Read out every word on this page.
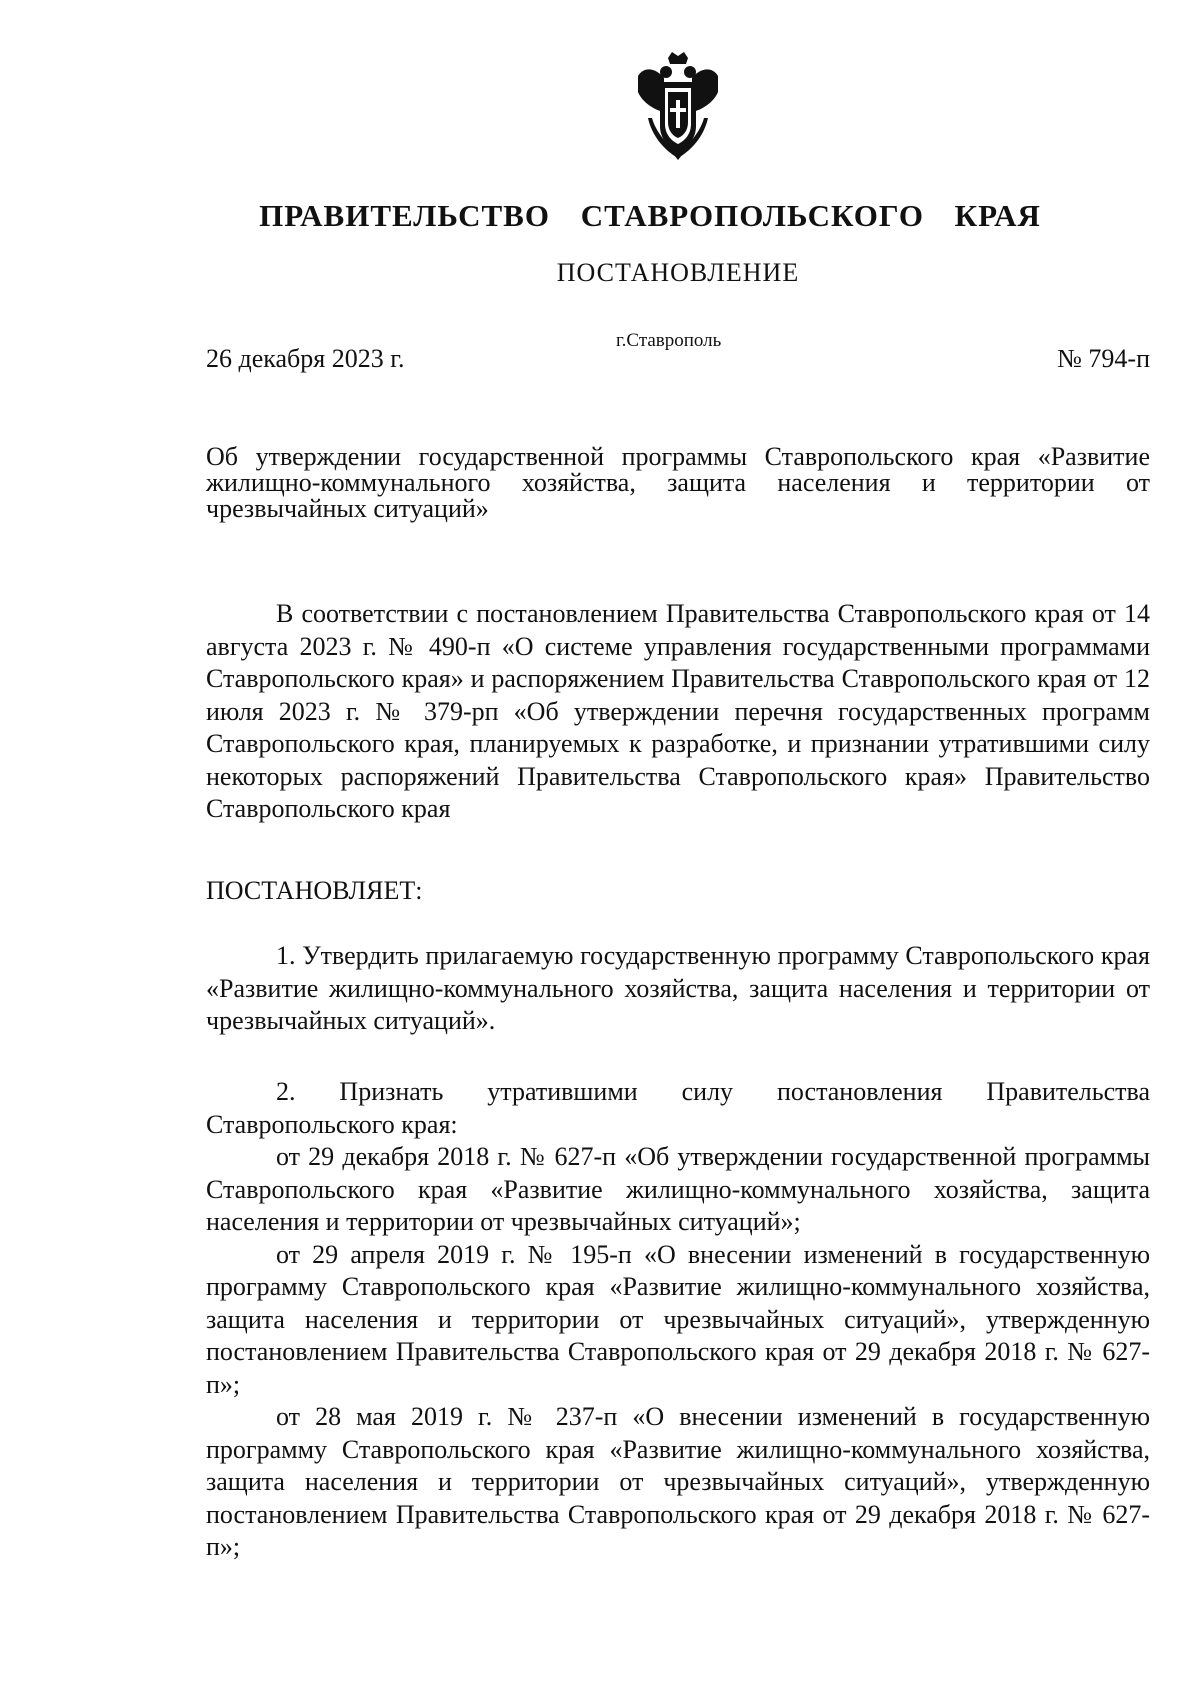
ПРАВИТЕЛЬСТВО СТАВРОПОЛЬСКОГО КРАЯ
ПОСТАНОВЛЕНИЕ
26 декабря 2023 г.
г.Ставрополь
№ 794-п
Об утверждении государственной программы Ставропольского края «Развитие жилищно-коммунального хозяйства, защита населения и территории от чрезвычайных ситуаций»

В соответствии с постановлением Правительства Ставропольского края от 14 августа 2023 г. № 490-п «О системе управления государственными программами Ставропольского края» и распоряжением Правительства Ставропольского края от 12 июля 2023 г. № 379-рп «Об утверждении перечня государственных программ Ставропольского края, планируемых к разработке, и признании утратившими силу некоторых распоряжений Правительства Ставропольского края» Правительство Ставропольского края

ПОСТАНОВЛЯЕТ:

1. Утвердить прилагаемую государственную программу Ставропольского края «Развитие жилищно-коммунального хозяйства, защита населения и территории от чрезвычайных ситуаций».

2. Признать утратившими силу постановления Правительства Ставропольского края:

от 29 декабря 2018 г. № 627-п «Об утверждении государственной программы Ставропольского края «Развитие жилищно-коммунального хозяйства, защита населения и территории от чрезвычайных ситуаций»;

от 29 апреля 2019 г. № 195-п «О внесении изменений в государственную программу Ставропольского края «Развитие жилищно-коммунального хозяйства, защита населения и территории от чрезвычайных ситуаций», утвержденную постановлением Правительства Ставропольского края от 29 декабря 2018 г. № 627-п»;

от 28 мая 2019 г. № 237-п «О внесении изменений в государственную программу Ставропольского края «Развитие жилищно-коммунального хозяйства, защита населения и территории от чрезвычайных ситуаций», утвержденную постановлением Правительства Ставропольского края от 29 декабря 2018 г. № 627-п»;
